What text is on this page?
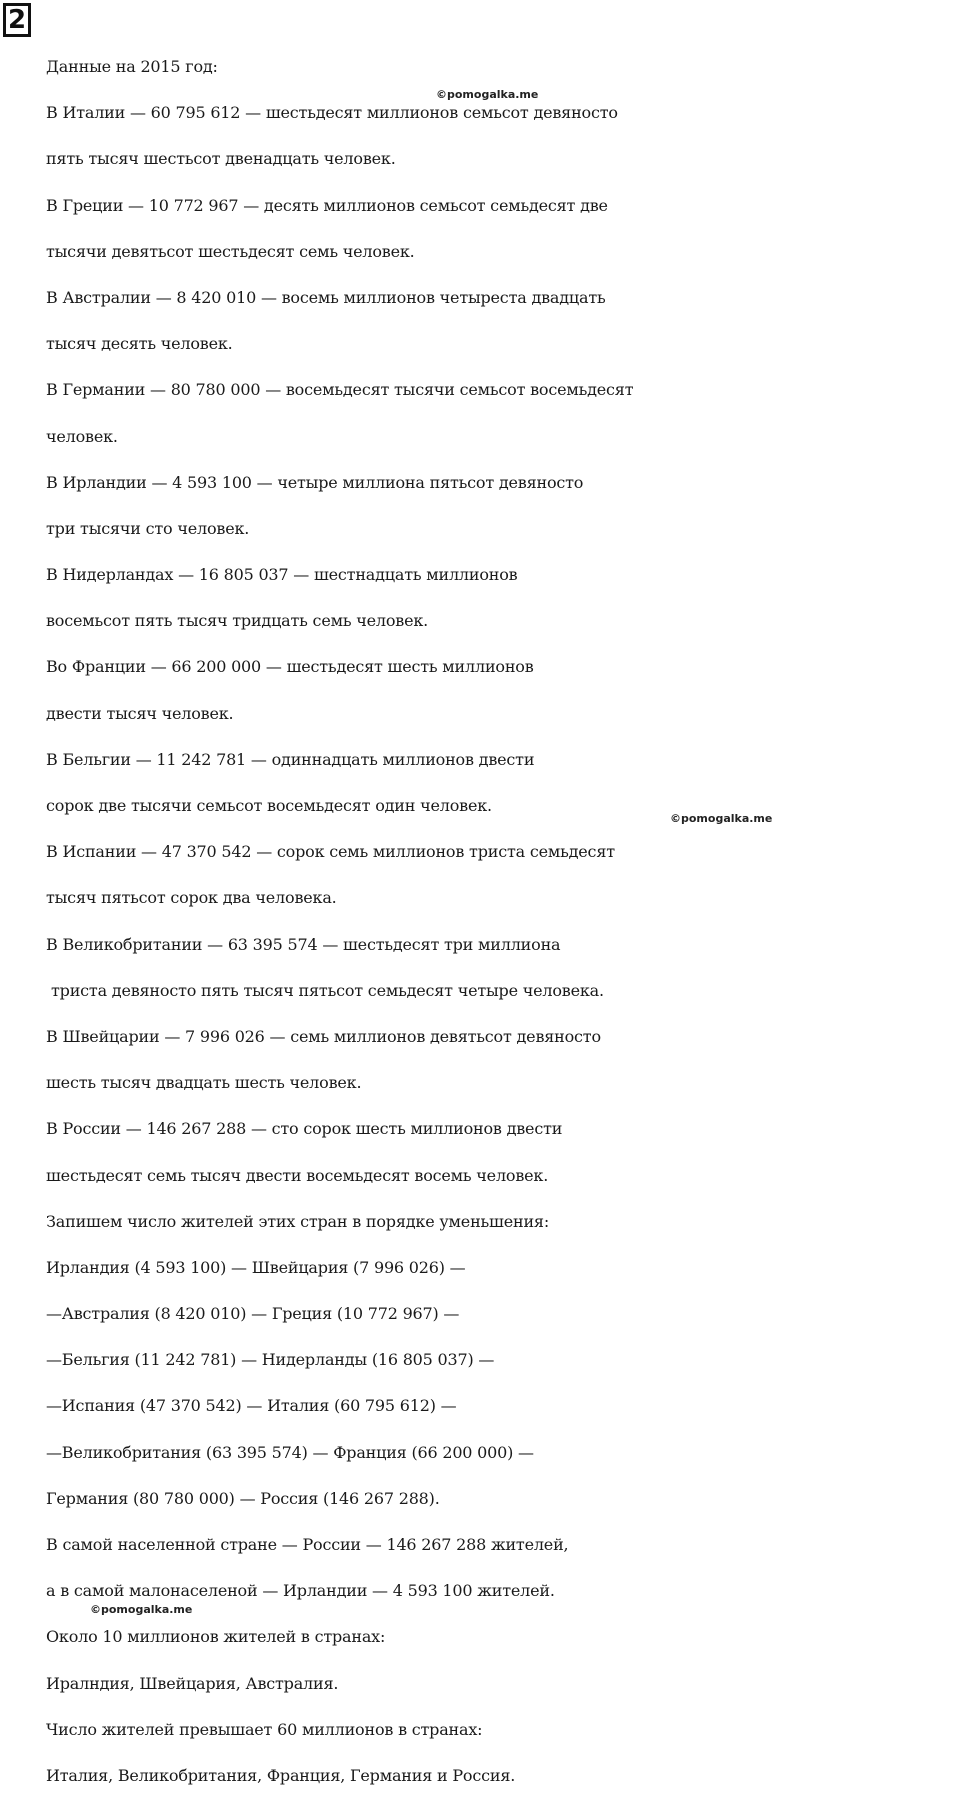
2
Данные на 2015 год:
В Италии — 60 795 612 — шестьдесят миллионов семьсот девяносто
пять тысяч шестьсот двенадцать человек.
В Греции — 10 772 967 — десять миллионов семьсот семьдесят две
тысячи девятьсот шестьдесят семь человек.
В Австралии — 8 420 010 — восемь миллионов четыреста двадцать
тысяч десять человек.
В Германии — 80 780 000 — восемьдесят тысячи семьсот восемьдесят
человек.
В Ирландии — 4 593 100 — четыре миллиона пятьсот девяносто
три тысячи сто человек.
В Нидерландах — 16 805 037 — шестнадцать миллионов
восемьсот пять тысяч тридцать семь человек.
Во Франции — 66 200 000 — шестьдесят шесть миллионов
двести тысяч человек.
В Бельгии — 11 242 781 — одиннадцать миллионов двести
сорок две тысячи семьсот восемьдесят один человек.
В Испании — 47 370 542 — сорок семь миллионов триста семьдесят
тысяч пятьсот сорок два человека.
В Великобритании — 63 395 574 — шестьдесят три миллиона
триста девяносто пять тысяч пятьсот семьдесят четыре человека.
В Швейцарии — 7 996 026 — семь миллионов девятьсот девяносто
шесть тысяч двадцать шесть человек.
В России — 146 267 288 — сто сорок шесть миллионов двести
шестьдесят семь тысяч двести восемьдесят восемь человек.
Запишем число жителей этих стран в порядке уменьшения:
Ирландия (4 593 100) — Швейцария (7 996 026) —
—Австралия (8 420 010) — Греция (10 772 967) —
—Бельгия (11 242 781) — Нидерланды (16 805 037) —
—Испания (47 370 542) — Италия (60 795 612) —
—Великобритания (63 395 574) — Франция (66 200 000) —
Германия (80 780 000) — Россия (146 267 288).
В самой населенной стране — России — 146 267 288 жителей,
а в самой малонаселеной — Ирландии — 4 593 100 жителей.
Около 10 миллионов жителей в странах:
Иралндия, Швейцария, Австралия.
Число жителей превышает 60 миллионов в странах:
Италия, Великобритания, Франция, Германия и Россия.
©pomogalka.me
©pomogalka.me
©pomogalka.me
